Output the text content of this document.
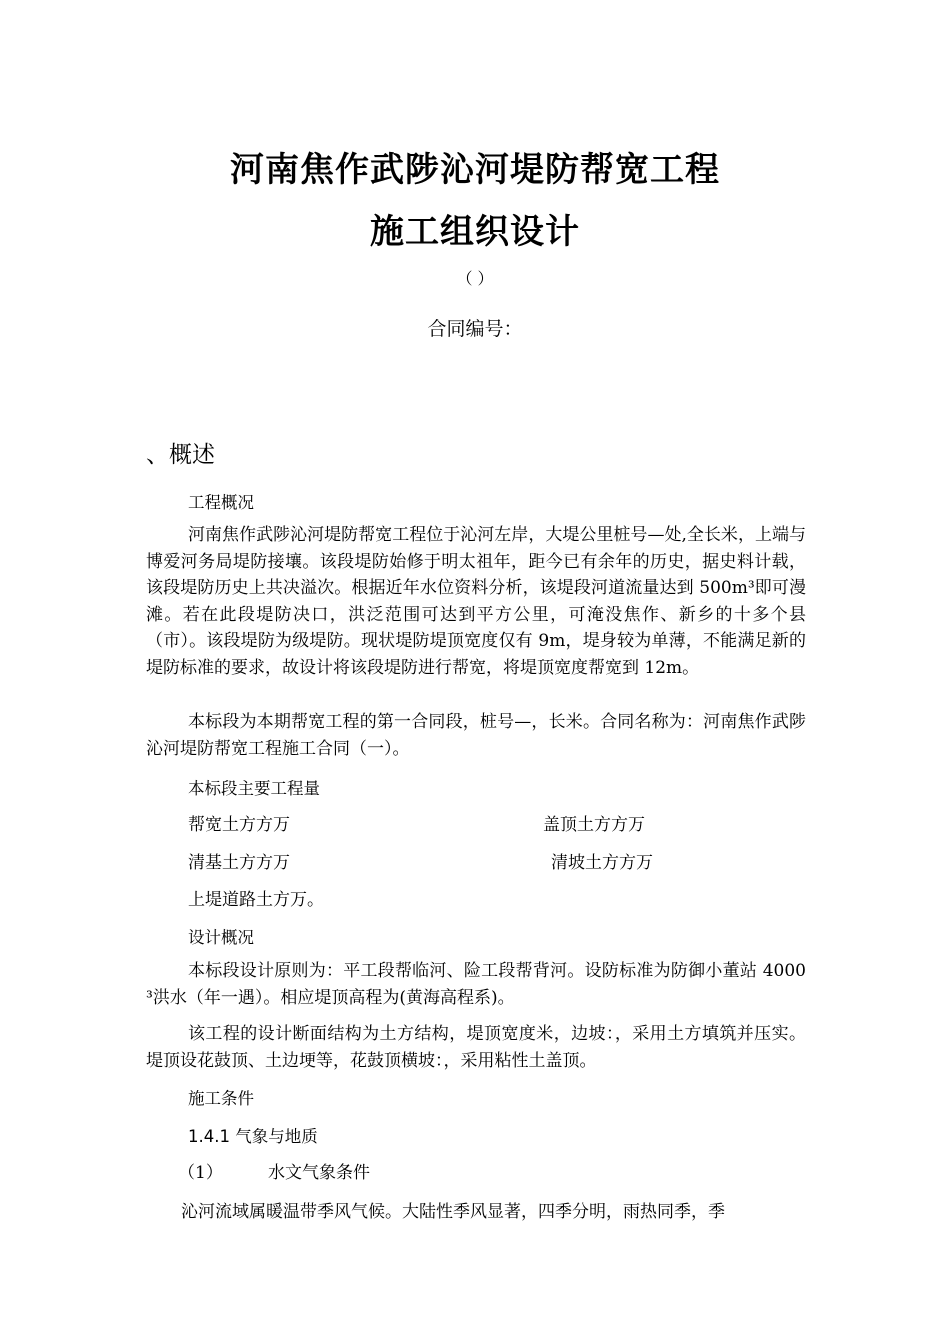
河南焦作武陟沁河堤防帮宽工程
施工组织设计
（ ）
合同编号：
、概述
工程概况
河南焦作武陟沁河堤防帮宽工程位于沁河左岸，大堤公里桩号—处,全长米，上端与博爱河务局堤防接壤。该段堤防始修于明太祖年，距今已有余年的历史，据史料计载，该段堤防历史上共决溢次。根据近年水位资料分析，该堤段河道流量达到 500m³即可漫滩。若在此段堤防决口，洪泛范围可达到平方公里，可淹没焦作、新乡的十多个县（市）。该段堤防为级堤防。现状堤防堤顶宽度仅有 9m，堤身较为单薄，不能满足新的堤防标准的要求，故设计将该段堤防进行帮宽，将堤顶宽度帮宽到 12m。
本标段为本期帮宽工程的第一合同段，桩号—，长米。合同名称为：河南焦作武陟沁河堤防帮宽工程施工合同（一）。
本标段主要工程量
帮宽土方方万	盖顶土方方万
清基土方方万	清坡土方方万
上堤道路土方万。
设计概况
本标段设计原则为：平工段帮临河、险工段帮背河。设防标准为防御小董站 4000 ³洪水（年一遇）。相应堤顶高程为(黄海高程系)。
该工程的设计断面结构为土方结构，堤顶宽度米，边坡：，采用土方填筑并压实。堤顶设花鼓顶、土边埂等，花鼓顶横坡：，采用粘性土盖顶。
施工条件
1.4.1 气象与地质
（1）	水文气象条件
沁河流域属暖温带季风气候。大陆性季风显著，四季分明，雨热同季，季
